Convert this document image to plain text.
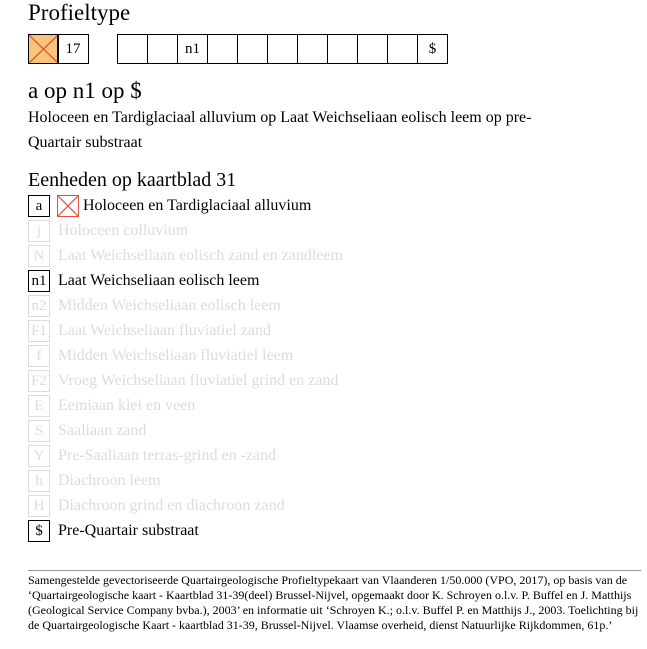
Profieltype
17	n1	$
a op n1 op $
Holoceen en Tardiglaciaal alluvium op Laat Weichseliaan eolisch leem op pre-Quartair substraat
Eenheden op kaartblad 31
a	Holoceen en Tardiglaciaal alluvium
j	Holoceen colluvium
N Laat Weichseliaan eolisch zand en zandleem
n1 Laat Weichseliaan eolisch leem
n2 Midden Weichseliaan eolisch leem
F1 Laat Weichseliaan fluviatiel zand
f	Midden Weichseliaan fluviatiel leem
F2 Vroeg Weichseliaan fluviatiel grind en zand
E Eemiaan klei en veen
S Saaliaan zand
Y Pre-Saaliaan terras-grind en -zand
h Diachroon leem
H Diachroon grind en diachroon zand
$ Pre-Quartair substraat
Samengestelde gevectoriseerde Quartairgeologische Profieltypekaart van Vlaanderen 1/50.000 (VPO, 2017), op basis van de ‘Quartairgeologische kaart - Kaartblad 31-39(deel) Brussel-Nijvel, opgemaakt door K. Schroyen o.l.v. P. Buffel en J. Matthijs (Geological Service Company bvba.), 2003’ en informatie uit ‘Schroyen K.; o.l.v. Buffel P. en Matthijs J., 2003. Toelichting bij de Quartairgeologische Kaart - kaartblad 31-39, Brussel-Nijvel. Vlaamse overheid, dienst Natuurlijke Rijkdommen, 61p.’
